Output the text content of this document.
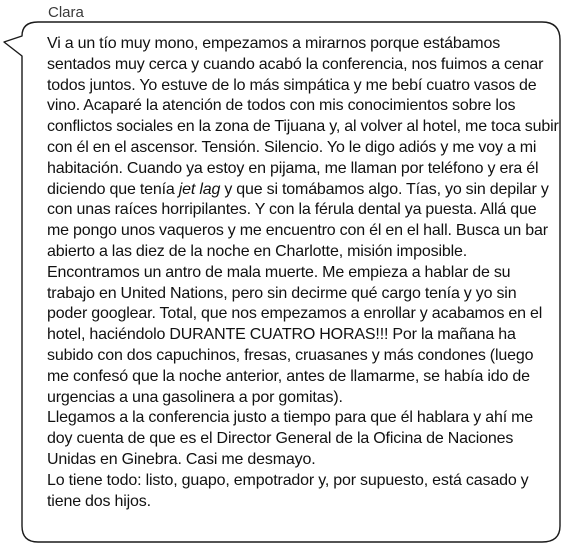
Clara

Vi a un tío muy mono, empezamos a mirarnos porque estábamos sentados muy cerca y cuando acabó la conferencia, nos fuimos a cenar todos juntos. Yo estuve de lo más simpática y me bebí cuatro vasos de vino. Acaparé la atención de todos con mis conocimientos sobre los conflictos sociales en la zona de Tijuana y, al volver al hotel, me toca subir con él en el ascensor. Tensión. Silencio. Yo le digo adiós y me voy a mi habitación. Cuando ya estoy en pijama, me llaman por teléfono y era él diciendo que tenía jet lag y que si tomábamos algo. Tías, yo sin depilar y con unas raíces horripilantes. Y con la férula dental ya puesta. Allá que me pongo unos vaqueros y me encuentro con él en el hall. Busca un bar abierto a las diez de la noche en Charlotte, misión imposible. Encontramos un antro de mala muerte. Me empieza a hablar de su trabajo en United Nations, pero sin decirme qué cargo tenía y yo sin poder googlear. Total, que nos empezamos a enrollar y acabamos en el hotel, haciéndolo DURANTE CUATRO HORAS!!! Por la mañana ha subido con dos capuchinos, fresas, cruasanes y más condones (luego me confesó que la noche anterior, antes de llamarme, se había ido de urgencias a una gasolinera a por gomitas).

Llegamos a la conferencia justo a tiempo para que él hablara y ahí me doy cuenta de que es el Director General de la Oficina de Naciones Unidas en Ginebra. Casi me desmayo.

Lo tiene todo: listo, guapo, empotrador y, por supuesto, está casado y tiene dos hijos.
